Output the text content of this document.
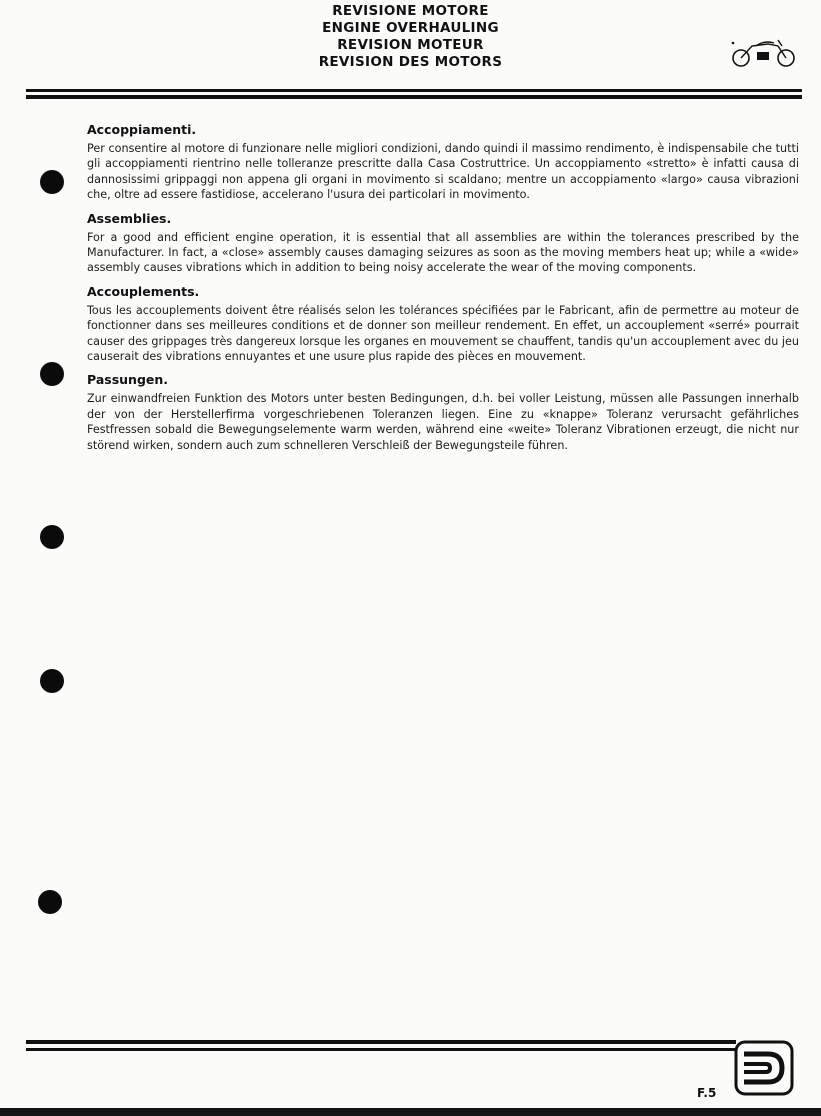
REVISIONE MOTORE
ENGINE OVERHAULING
REVISION MOTEUR
REVISION DES MOTORS
Accoppiamenti.

Per consentire al motore di funzionare nelle migliori condizioni, dando quindi il massimo rendimento, è indispensabile che tutti gli accoppiamenti rientrino nelle tolleranze prescritte dalla Casa Costruttrice. Un accoppiamento «stretto» è infatti causa di dannosissimi grippaggi non appena gli organi in movimento si scaldano; mentre un accoppiamento «largo» causa vibrazioni che, oltre ad essere fastidiose, accelerano l'usura dei particolari in movimento.

Assemblies.

For a good and efficient engine operation, it is essential that all assemblies are within the tolerances prescribed by the Manufacturer. In fact, a «close» assembly causes damaging seizures as soon as the moving members heat up; while a «wide» assembly causes vibrations which in addition to being noisy accelerate the wear of the moving components.

Accouplements.

Tous les accouplements doivent être réalisés selon les tolérances spécifiées par le Fabricant, afin de permettre au moteur de fonctionner dans ses meilleures conditions et de donner son meilleur rendement. En effet, un accouplement «serré» pourrait causer des grippages très dangereux lorsque les organes en mouvement se chauffent, tandis qu'un accouplement avec du jeu causerait des vibrations ennuyantes et une usure plus rapide des pièces en mouvement.

Passungen.

Zur einwandfreien Funktion des Motors unter besten Bedingungen, d.h. bei voller Leistung, müssen alle Passungen innerhalb der von der Herstellerfirma vorgeschriebenen Toleranzen liegen. Eine zu «knappe» Toleranz verursacht gefährliches Festfressen sobald die Bewegungselemente warm werden, während eine «weite» Toleranz Vibrationen erzeugt, die nicht nur störend wirken, sondern auch zum schnelleren Verschleiß der Bewegungsteile führen.

F.5
